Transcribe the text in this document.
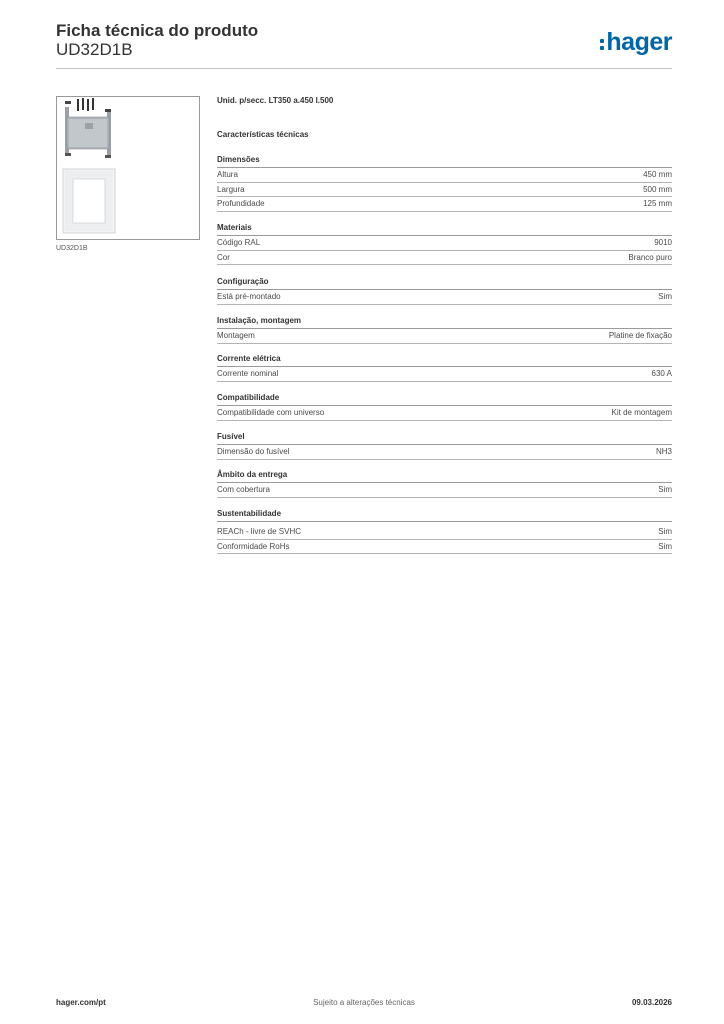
Ficha técnica do produto
UD32D1B	hager
UD32D1B
Unid. p/secc. LT350 a.450 l.500
Características técnicas
Dimensões
Altura	450 mm
Largura	500 mm
Profundidade	125 mm
Materiais
Código RAL	9010
Cor	Branco puro
Configuração
Está pré-montado	Sim
Instalação, montagem
Montagem	Platine de fixação
Corrente elétrica
Corrente nominal	630 A
Compatibilidade
Compatibilidade com universo	Kit de montagem
Fusível
Dimensão do fusível	NH3
Âmbito da entrega
Com cobertura	Sim
Sustentabilidade
REACh - livre de SVHC	Sim
Conformidade RoHs	Sim
hager.com/pt	Sujeito a alterações técnicas	09.03.2026
